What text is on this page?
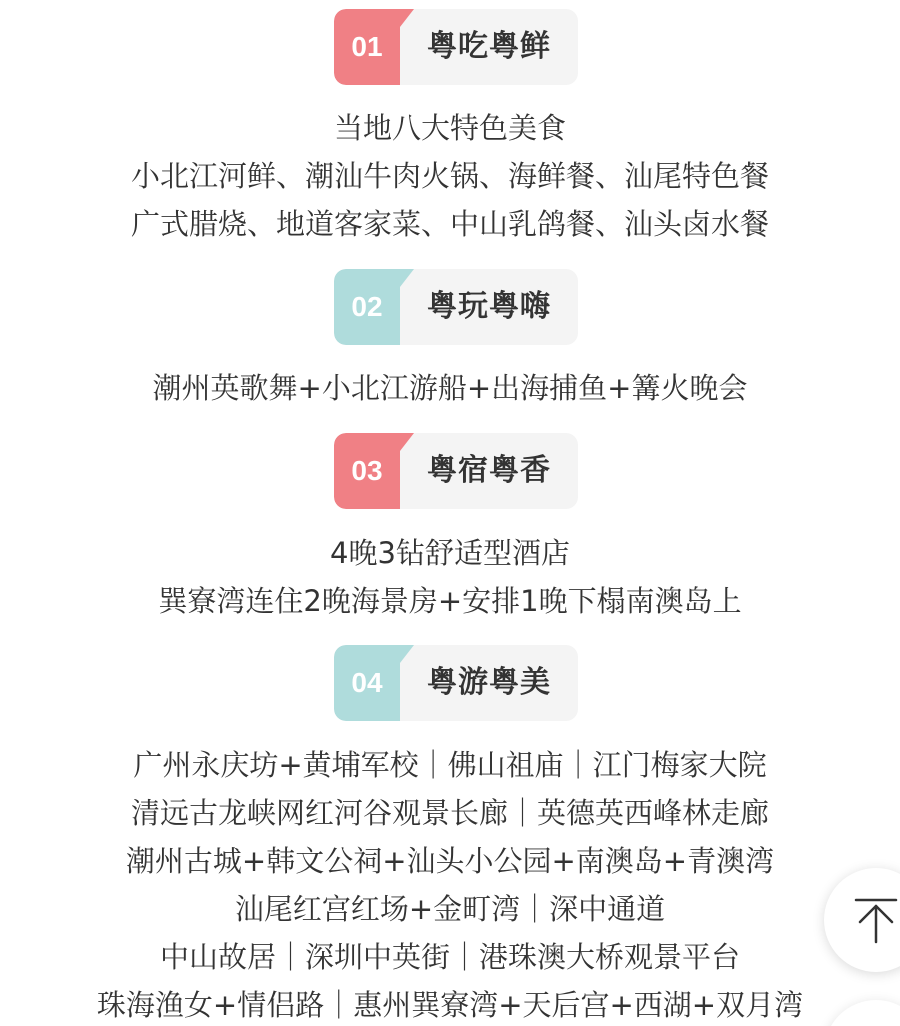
01	粤吃粤鲜
当地八大特色美食
小北江河鲜、潮汕牛肉火锅、海鲜餐、汕尾特色餐
广式腊烧、地道客家菜、中山乳鸽餐、汕头卤水餐
02	粤玩粤嗨
潮州英歌舞+小北江游船+出海捕鱼+篝火晚会
03	粤宿粤香
4晚3钻舒适型酒店
巽寮湾连住2晚海景房+安排1晚下榻南澳岛上
04	粤游粤美
广州永庆坊+黄埔军校｜佛山祖庙｜江门梅家大院
清远古龙峡网红河谷观景长廊｜英德英西峰林走廊
潮州古城+韩文公祠+汕头小公园+南澳岛+青澳湾
汕尾红宫红场+金町湾｜深中通道
中山故居｜深圳中英街｜港珠澳大桥观景平台
珠海渔女+情侣路｜惠州巽寮湾+天后宫+西湖+双月湾
